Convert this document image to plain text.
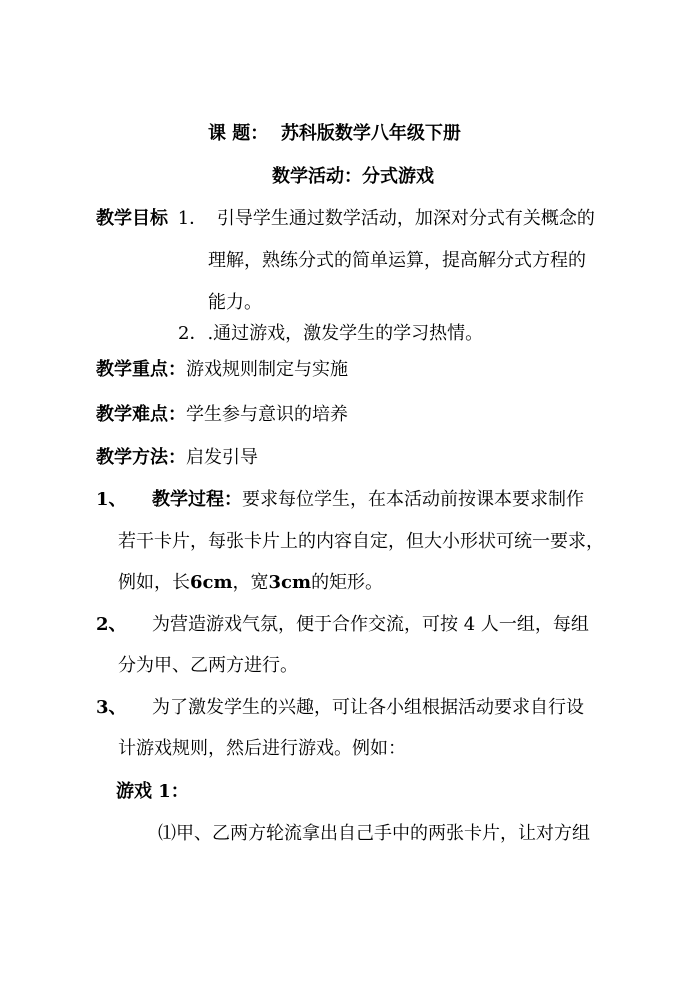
课 题： 苏科版数学八年级下册
数学活动：分式游戏
教学目标 1． 引导学生通过数学活动，加深对分式有关概念的
理解，熟练分式的简单运算，提高解分式方程的
能力。
2．.通过游戏，激发学生的学习热情。
教学重点：游戏规则制定与实施
教学难点：学生参与意识的培养
教学方法：启发引导
1、 教学过程：要求每位学生，在本活动前按课本要求制作
若干卡片，每张卡片上的内容自定，但大小形状可统一要求，
例如，长6cm，宽3cm的矩形。
2、 为营造游戏气氛，便于合作交流，可按 4 人一组，每组
分为甲、乙两方进行。
3、 为了激发学生的兴趣，可让各小组根据活动要求自行设
计游戏规则，然后进行游戏。例如：
游戏 1：
⑴甲、乙两方轮流拿出自己手中的两张卡片，让对方组
